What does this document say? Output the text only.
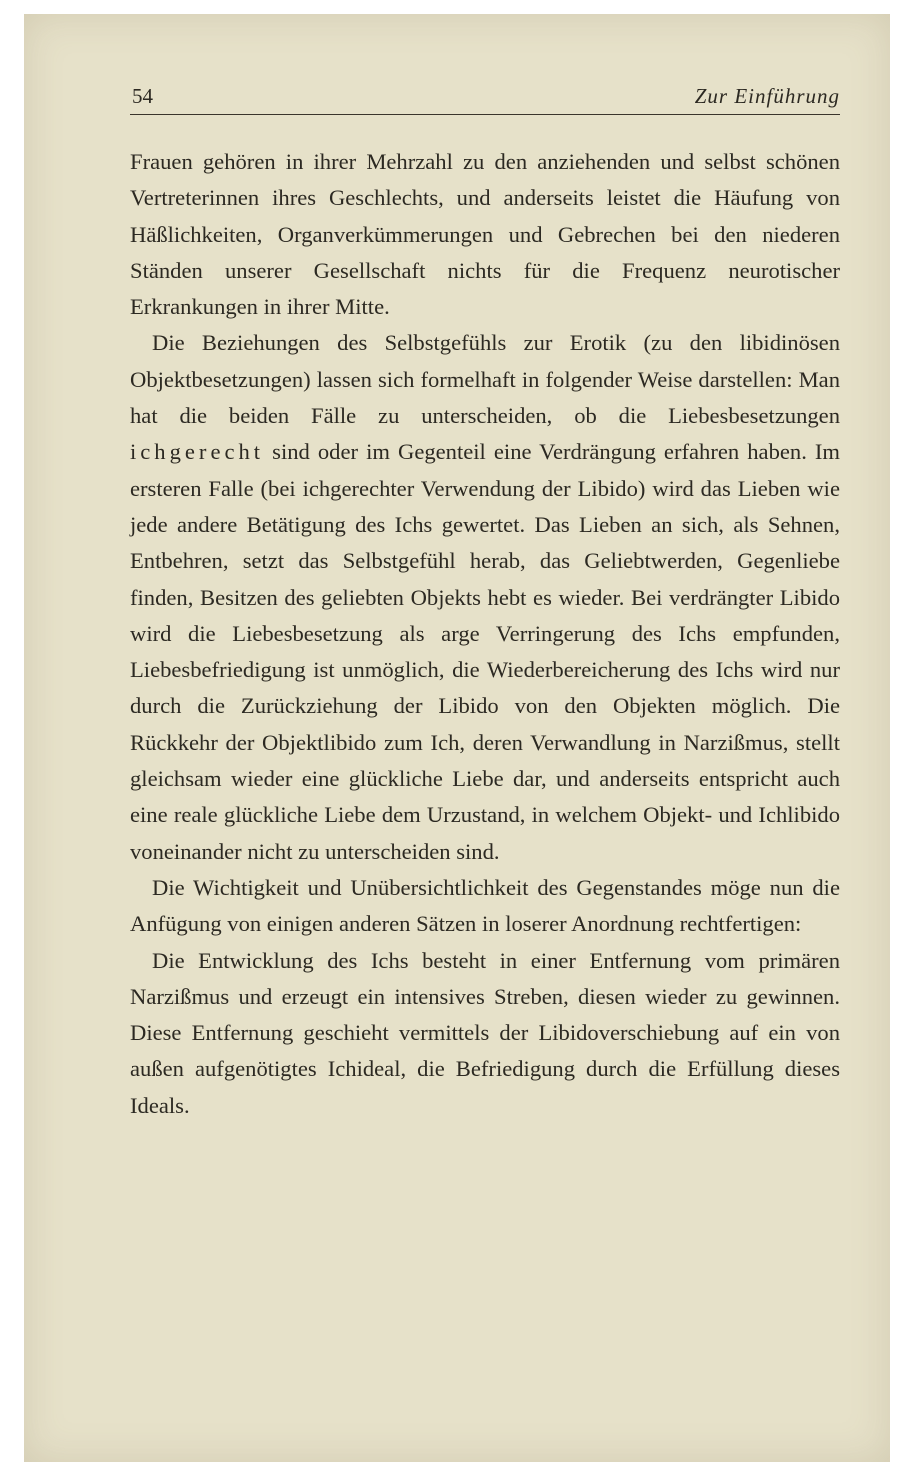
54	Zur Einführung

Frauen gehören in ihrer Mehrzahl zu den anziehenden und selbst schönen Vertreterinnen ihres Geschlechts, und anderseits leistet die Häufung von Häßlichkeiten, Organverkümmerungen und Gebrechen bei den niederen Ständen unserer Gesellschaft nichts für die Frequenz neurotischer Erkrankungen in ihrer Mitte.

Die Beziehungen des Selbstgefühls zur Erotik (zu den libidinösen Objektbesetzungen) lassen sich formelhaft in folgender Weise darstellen: Man hat die beiden Fälle zu unterscheiden, ob die Liebesbesetzungen ichgerecht sind oder im Gegenteil eine Verdrängung erfahren haben. Im ersteren Falle (bei ichgerechter Verwendung der Libido) wird das Lieben wie jede andere Betätigung des Ichs gewertet. Das Lieben an sich, als Sehnen, Entbehren, setzt das Selbstgefühl herab, das Geliebtwerden, Gegenliebe finden, Besitzen des geliebten Objekts hebt es wieder. Bei verdrängter Libido wird die Liebesbesetzung als arge Verringerung des Ichs empfunden, Liebesbefriedigung ist unmöglich, die Wiederbereicherung des Ichs wird nur durch die Zurückziehung der Libido von den Objekten möglich. Die Rückkehr der Objektlibido zum Ich, deren Verwandlung in Narzißmus, stellt gleichsam wieder eine glückliche Liebe dar, und anderseits entspricht auch eine reale glückliche Liebe dem Urzustand, in welchem Objekt- und Ichlibido voneinander nicht zu unterscheiden sind.

Die Wichtigkeit und Unübersichtlichkeit des Gegenstandes möge nun die Anfügung von einigen anderen Sätzen in loserer Anordnung rechtfertigen:

Die Entwicklung des Ichs besteht in einer Entfernung vom primären Narzißmus und erzeugt ein intensives Streben, diesen wieder zu gewinnen. Diese Entfernung geschieht vermittels der Libidoverschiebung auf ein von außen aufgenötigtes Ichideal, die Befriedigung durch die Erfüllung dieses Ideals.
